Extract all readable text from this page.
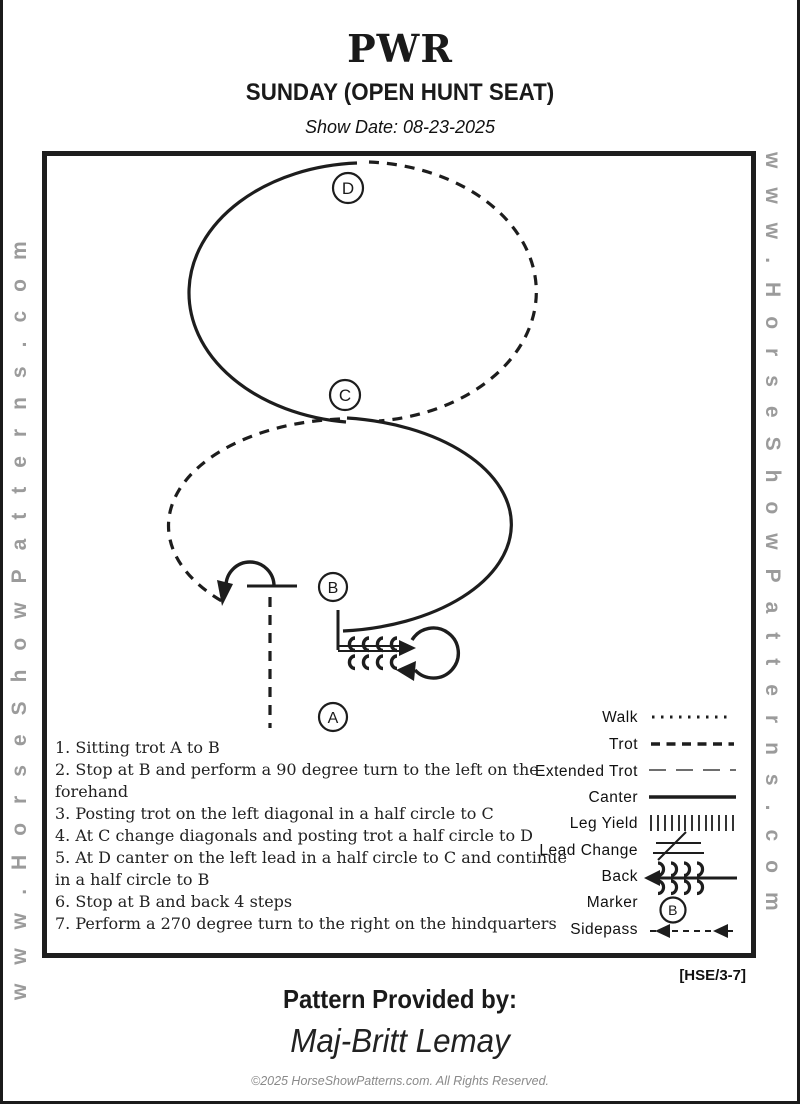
PWR
SUNDAY (OPEN HUNT SEAT)
Show Date: 08-23-2025
www.HorseShowPatterns.com	www.HorseShowPatterns.com
D
C
B
A	Walk
Trot
Extended Trot
Canter
Leg Yield
Lead Change
Back
Marker B
Sidepass
1. Sitting trot A to B
2. Stop at B and perform a 90 degree turn to the left on the forehand
3. Posting trot on the left diagonal in a half circle to C
4. At C change diagonals and posting trot a half circle to D
5. At D canter on the left lead in a half circle to C and continue in a half circle to B
6. Stop at B and back 4 steps
7. Perform a 270 degree turn to the right on the hindquarters
[HSE/3-7]
Pattern Provided by:
Maj-Britt Lemay
©2025 HorseShowPatterns.com. All Rights Reserved.
